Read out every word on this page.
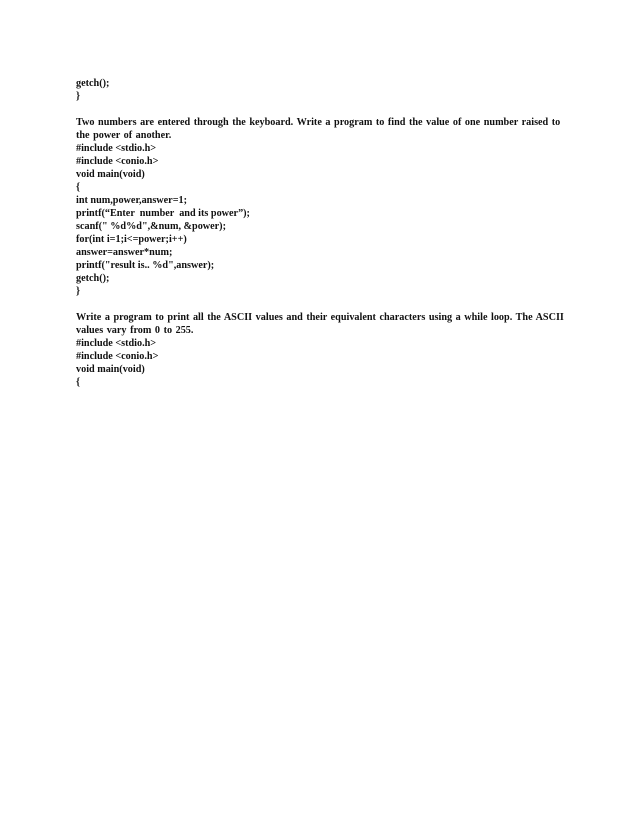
getch();
}
Two numbers are entered through the keyboard. Write a program to find the value of one number raised to the power of another.
#include <stdio.h>
#include <conio.h>
void main(void)
{
int num,power,answer=1;
printf(“Enter  number  and its power”);
scanf(" %d%d",&num, &power);
for(int i=1;i<=power;i++)
answer=answer*num;
printf("result is.. %d",answer);
getch();
}
Write a program to print all the ASCII values and their equivalent characters using a while loop. The ASCII values vary from 0 to 255.
#include <stdio.h>
#include <conio.h>
void main(void)
{
